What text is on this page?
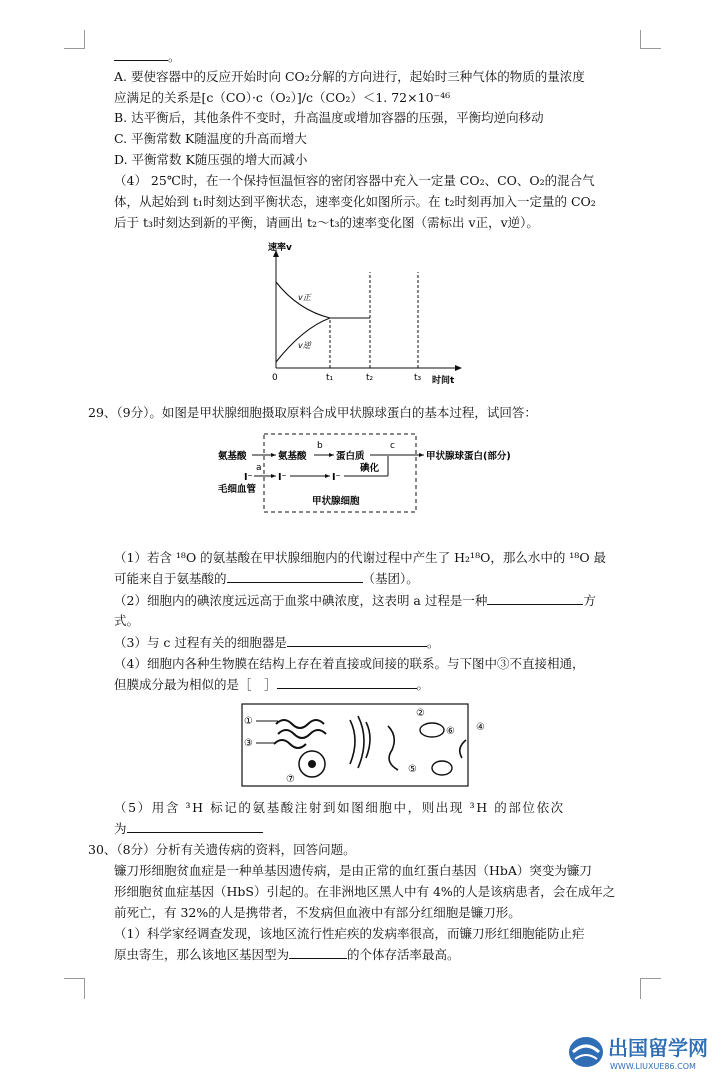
。
A. 要使容器中的反应开始时向 CO₂分解的方向进行，起始时三种气体的物质的量浓度
应满足的关系是[c（CO）·c（O₂）]/c（CO₂）＜1. 72×10⁻⁴⁶
B. 达平衡后，其他条件不变时，升高温度或增加容器的压强，平衡均逆向移动
C. 平衡常数 K随温度的升高而增大
D. 平衡常数 K随压强的增大而减小
（4） 25℃时，在一个保持恒温恒容的密闭容器中充入一定量 CO₂、CO、O₂的混合气
体，从起始到 t₁时刻达到平衡状态，速率变化如图所示。在 t₂时刻再加入一定量的 CO₂
后于 t₃时刻达到新的平衡，请画出 t₂～t₃的速率变化图（需标出 v正，v逆）。
速率v
时间t
0	t₁	t₂	t₃
v正
v逆
29、（9分）。如图是甲状腺细胞摄取原料合成甲状腺球蛋白的基本过程，试回答：
氨基酸	氨基酸	蛋白质	甲状腺球蛋白(部分)
b	c
I⁻
毛细血管
a
I⁻	I⁻
碘化
甲状腺细胞
（1）若含 ¹⁸O 的氨基酸在甲状腺细胞内的代谢过程中产生了 H₂¹⁸O，那么水中的 ¹⁸O 最
可能来自于氨基酸的	（基团）。
（2）细胞内的碘浓度远远高于血浆中碘浓度，这表明 a 过程是一种	方
式。
（3）与 c 过程有关的细胞器是	。
（4）细胞内各种生物膜在结构上存在着直接或间接的联系。与下图中③不直接相通，
但膜成分最为相似的是［　］	。
①
②
③
④
⑤
⑥
⑦
（5）用含 ³H 标记的氨基酸注射到如图细胞中，则出现 ³H 的部位依次
为
30、（8分）分析有关遗传病的资料，回答问题。
镰刀形细胞贫血症是一种单基因遗传病，是由正常的血红蛋白基因（HbA）突变为镰刀
形细胞贫血症基因（HbS）引起的。在非洲地区黑人中有 4%的人是该病患者，会在成年之
前死亡，有 32%的人是携带者，不发病但血液中有部分红细胞是镰刀形。
（1）科学家经调查发现，该地区流行性疟疾的发病率很高，而镰刀形红细胞能防止疟
原虫寄生，那么该地区基因型为	的个体存活率最高。
出国留学网
WWW.LIUXUE86.COM
